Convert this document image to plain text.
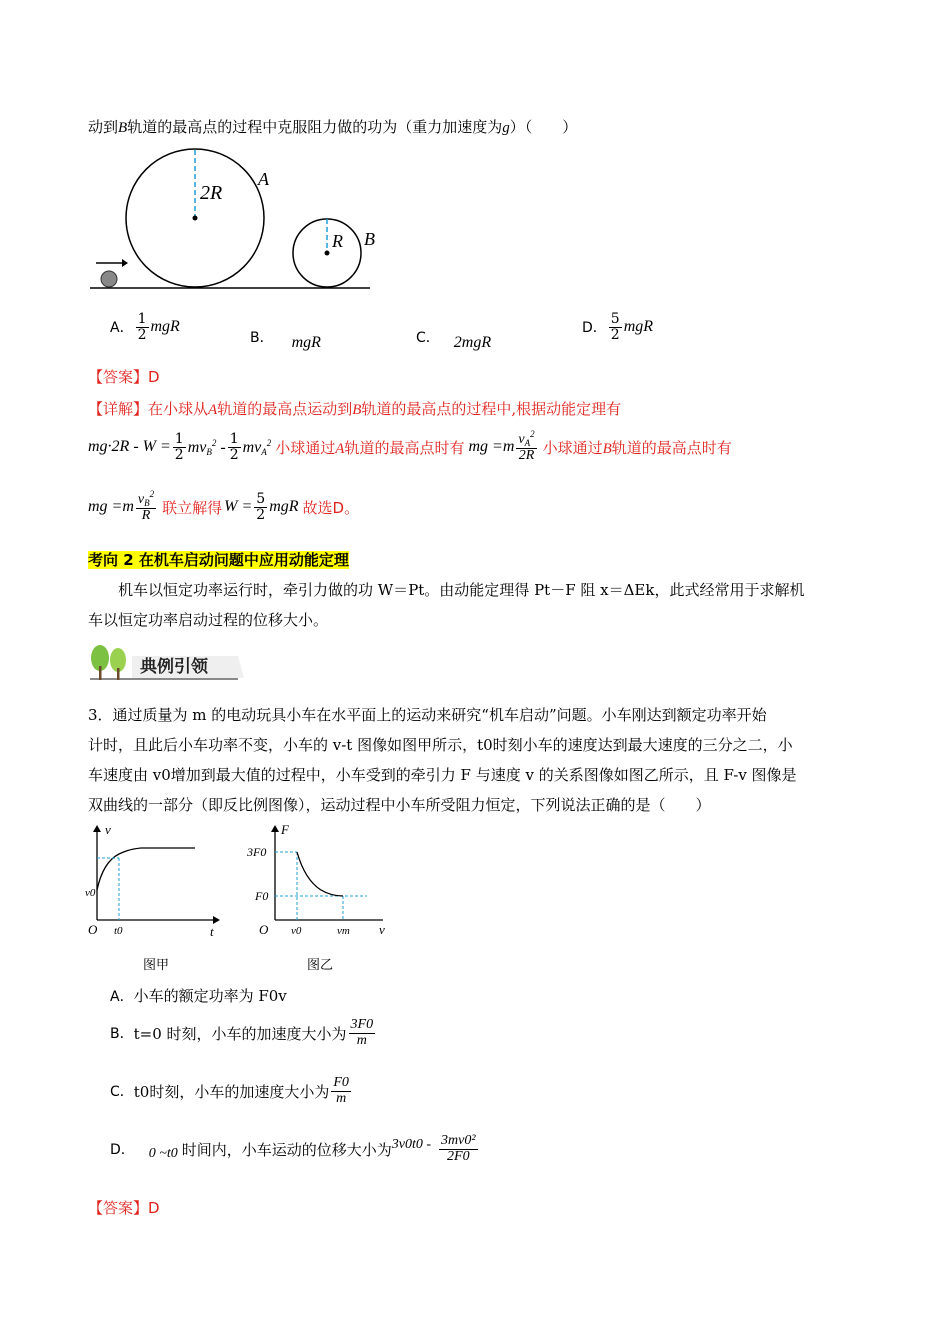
动到B轨道的最高点的过程中克服阻力做的功为（重力加速度为g）（　　）
2R
A
R B
A． $\frac{1}{2}$ mgR
B． mgR	C． 2mgR
D． $\frac{5}{2}$ mgR
【答案】D
【详解】在小球从A轨道的最高点运动到B轨道的最高点的过程中,根据动能定理有
$mg\cdot 2R - W = \frac{1}{2} mv_B^2 - \frac{1}{2} mv_A^2$ 小球通过A轨道的最高点时有 mg $=m \frac{v_A^2}{2R}$ 小球通过B轨道的最高点时有
mg $=m \frac{v_B^2}{R}$ 联立解得 $W = \frac{5}{2}$ mgR 故选D。
考向 2 在机车启动问题中应用动能定理
机车以恒定功率运行时，牵引力做的功 W＝Pt。由动能定理得 Pt－F 阻 x＝ΔEk，此式经常用于求解机
车以恒定功率启动过程的位移大小。
典例引领
3．通过质量为 m 的电动玩具小车在水平面上的运动来研究“机车启动”问题。小车刚达到额定功率开始
计时，且此后小车功率不变，小车的 v-t 图像如图甲所示，t0时刻小车的速度达到最大速度的三分之二，小
车速度由 v0增加到最大值的过程中，小车受到的牵引力 F 与速度 v 的关系图像如图乙所示，且 F-v 图像是
双曲线的一部分（即反比例图像），运动过程中小车所受阻力恒定，下列说法正确的是（　　）
v
t
O
v0
t0
图甲
F
v
O
3F0
F0
v0	vm
图乙
A．小车的额定功率为 F0v
B． t=0 时刻，小车的加速度大小为 $\frac{3F0}{m}$
C． t0时刻，小车的加速度大小为 $\frac{F0}{m}$
D． 0 ~t0 时间内，小车运动的位移大小为 $3v0t0 - \frac{\text{3mv0²}}{2F0}$
【答案】D
